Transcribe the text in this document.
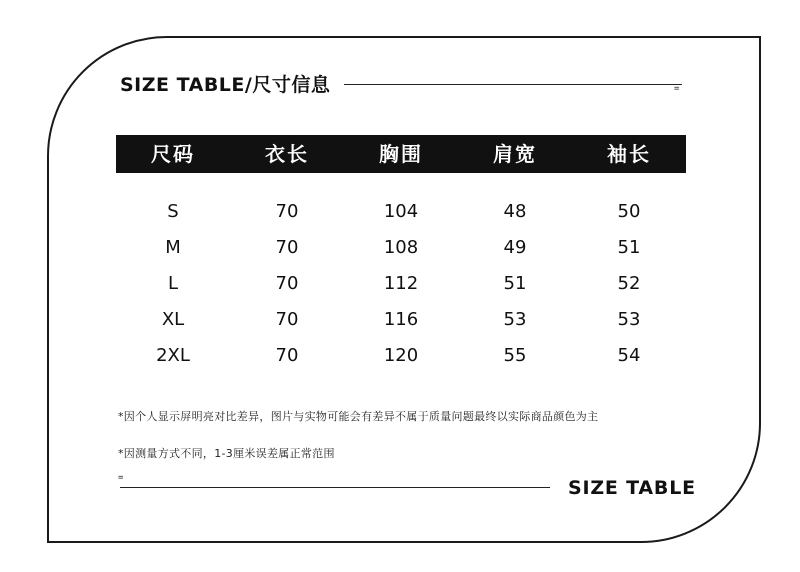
SIZE TABLE/尺寸信息	=
尺码	衣长	胸围	肩宽	袖长
S	70	104	48	50
M	70	108	49	51
L	70	112	51	52
XL	70	116	53	53
2XL	70	120	55	54
*因个人显示屏明亮对比差异，图片与实物可能会有差异不属于质量问题最终以实际商品颜色为主
*因测量方式不同，1-3厘米误差属正常范围
=	SIZE TABLE
